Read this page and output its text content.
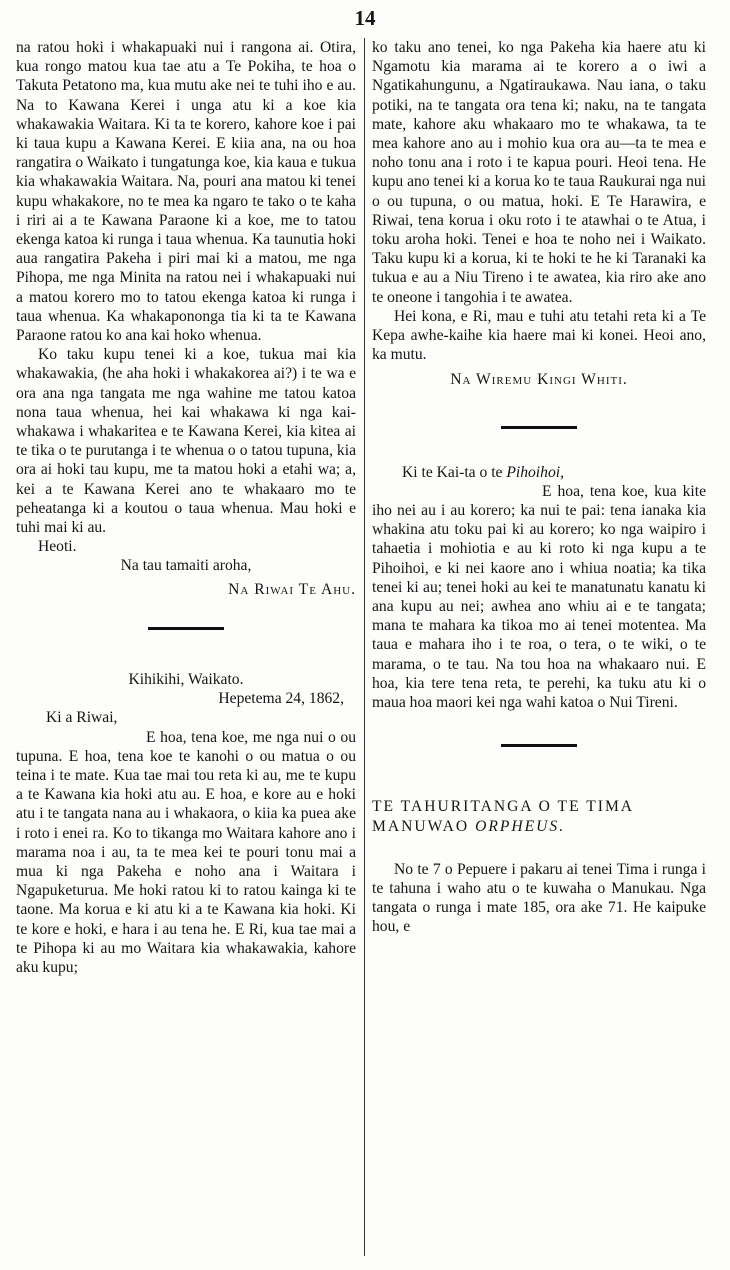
14

na ratou hoki i whakapuaki nui i rangona ai. Otira, kua rongo matou kua tae atu a Te Pokiha, te hoa o Takuta Petatono ma, kua mutu ake nei te tuhi iho e au. Na to Kawana Kerei i unga atu ki a koe kia whakawakia Waitara. Ki ta te korero, kahore koe i pai ki taua kupu a Kawana Kerei. E kiia ana, na ou hoa rangatira o Waikato i tungatunga koe, kia kaua e tukua kia whakawakia Waitara. Na, pouri ana matou ki tenei kupu whakakore, no te mea ka ngaro te tako o te kaha i riri ai a te Kawana Paraone ki a koe, me to tatou ekenga katoa ki runga i taua whenua. Ka taunutia hoki aua rangatira Pakeha i piri mai ki a matou, me nga Pihopa, me nga Minita na ratou nei i whakapuaki nui a matou korero mo to tatou ekenga katoa ki runga i taua whenua. Ka whakapononga tia ki ta te Kawana Paraone ratou ko ana kai hoko whenua.

Ko taku kupu tenei ki a koe, tukua mai kia whakawakia, (he aha hoki i whakakorea ai?) i te wa e ora ana nga tangata me nga wahine me tatou katoa nona taua whenua, hei kai whakawa ki nga kai-whakawa i whakaritea e te Kawana Kerei, kia kitea ai te tika o te purutanga i te whenua o o tatou tupuna, kia ora ai hoki tau kupu, me ta matou hoki a etahi wa; a, kei a te Kawana Kerei ano te whakaaro mo te peheatanga ki a koutou o taua whenua. Mau hoki e tuhi mai ki au.

Heoti.

Na tau tamaiti aroha,

Na Riwai Te Ahu.

Kihikihi, Waikato.

Hepetema 24, 1862,

Ki a Riwai,

E hoa, tena koe, me nga nui o ou tupuna. E hoa, tena koe te kanohi o ou matua o ou teina i te mate. Kua tae mai tou reta ki au, me te kupu a te Kawana kia hoki atu au. E hoa, e kore au e hoki atu i te tangata nana au i whakaora, o kiia ka puea ake i roto i enei ra. Ko to tikanga mo Waitara kahore ano i marama noa i au, ta te mea kei te pouri tonu mai a mua ki nga Pakeha e noho ana i Waitara i Ngapuketurua. Me hoki ratou ki to ratou kainga ki te taone. Ma korua e ki atu ki a te Kawana kia hoki. Ki te kore e hoki, e hara i au tena he. E Ri, kua tae mai a te Pihopa ki au mo Waitara kia whakawakia, kahore aku kupu;

ko taku ano tenei, ko nga Pakeha kia haere atu ki Ngamotu kia marama ai te korero a o iwi a Ngatikahungunu, a Ngatiraukawa. Nau iana, o taku potiki, na te tangata ora tena ki; naku, na te tangata mate, kahore aku whakaaro mo te whakawa, ta te mea kahore ano au i mohio kua ora au—ta te mea e noho tonu ana i roto i te kapua pouri. Heoi tena. He kupu ano tenei ki a korua ko te taua Raukurai nga nui o ou tupuna, o ou matua, hoki. E Te Harawira, e Riwai, tena korua i oku roto i te atawhai o te Atua, i toku aroha hoki. Tenei e hoa te noho nei i Waikato. Taku kupu ki a korua, ki te hoki te he ki Taranaki ka tukua e au a Niu Tireno i te awatea, kia riro ake ano te oneone i tangohia i te awatea.

Hei kona, e Ri, mau e tuhi atu tetahi reta ki a Te Kepa awhe-kaihe kia haere mai ki konei. Heoi ano, ka mutu.

Na Wiremu Kingi Whiti.

Ki te Kai-ta o te Pihoihoi,

E hoa, tena koe, kua kite iho nei au i au korero; ka nui te pai: tena ianaka kia whakina atu toku pai ki au korero; ko nga waipiro i tahaetia i mohiotia e au ki roto ki nga kupu a te Pihoihoi, e ki nei kaore ano i whiua noatia; ka tika tenei ki au; tenei hoki au kei te manatunatu kanatu ki ana kupu au nei; awhea ano whiu ai e te tangata; mana te mahara ka tikoa mo ai tenei motentea. Ma taua e mahara iho i te roa, o tera, o te wiki, o te marama, o te tau. Na tou hoa na whakaaro nui. E hoa, kia tere tena reta, te perehi, ka tuku atu ki o maua hoa maori kei nga wahi katoa o Nui Tireni.

TE TAHURITANGA O TE TIMA
MANUWAO ORPHEUS.

No te 7 o Pepuere i pakaru ai tenei Tima i runga i te tahuna i waho atu o te kuwaha o Manukau. Nga tangata o runga i mate 185, ora ake 71. He kaipuke hou, e
